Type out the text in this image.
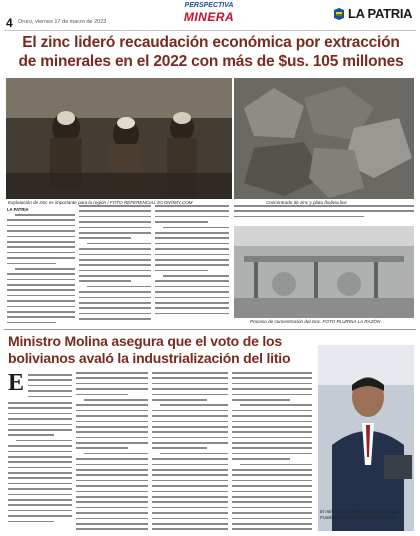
4 Oruro, viernes 17 de marzo de 2023
PERSPECTIVA
MINERA	LA PATRIA
El zinc lideró recaudación económica por extracción de minerales en el 2022 con más de $us. 105 millones
Explotación de zinc es importante para la región / FOTO REFERENCIAL ECONOMY.COM	Concentrado de zinc y plata /bolivia.lice
LA PATRIA
Proceso de concentración del zinc. FOTO PLURINA LA RAZÓN
Ministro Molina asegura que el voto de los bolivianos avaló la industrialización del litio
E
El ministro de Hidrocarburos y Energías, Franklin Molina Ortiz / MH ARCHIVO
